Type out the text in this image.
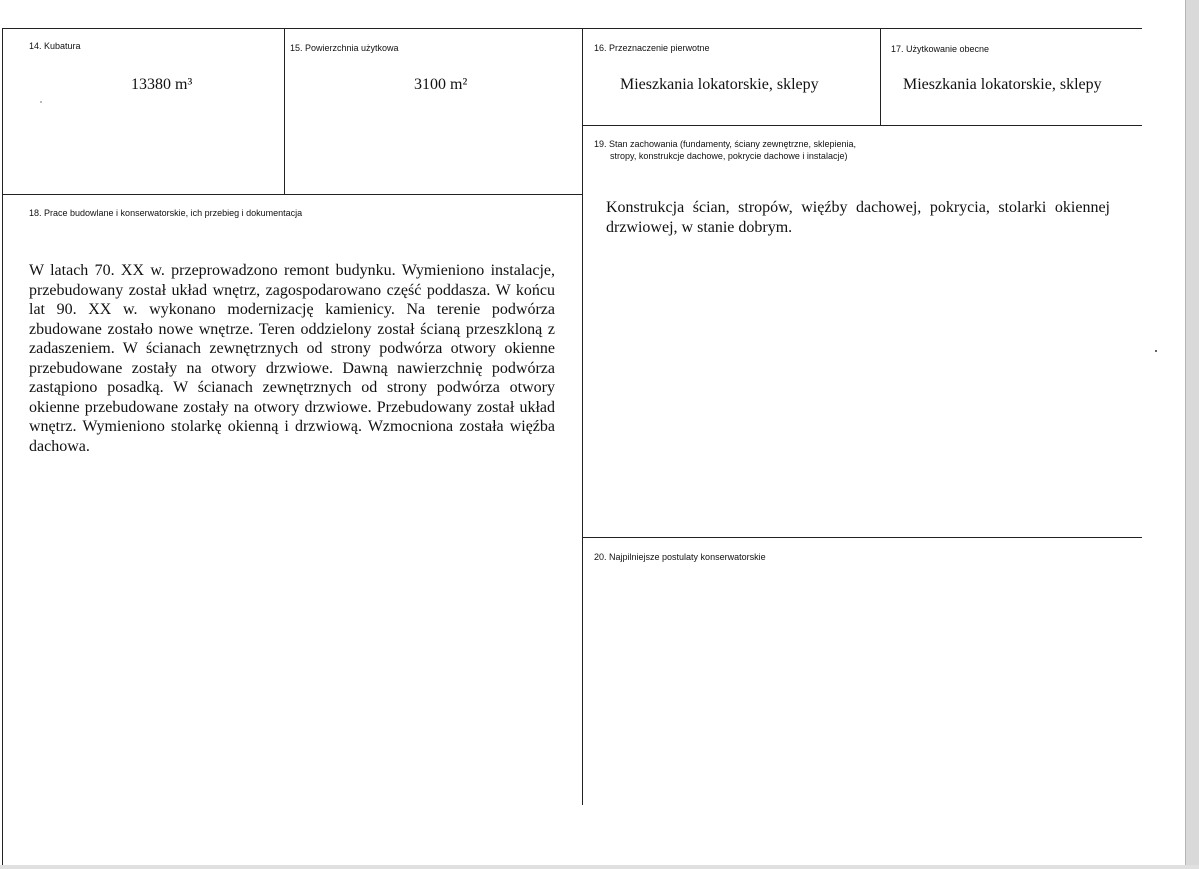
14. Kubatura
13380 m³
15. Powierzchnia użytkowa
3100 m²
16. Przeznaczenie pierwotne
Mieszkania lokatorskie, sklepy
17. Użytkowanie obecne
Mieszkania lokatorskie, sklepy
19. Stan zachowania (fundamenty, ściany zewnętrzne, sklepienia,
stropy, konstrukcje dachowe, pokrycie dachowe i instalacje)
Konstrukcja ścian, stropów, więźby dachowej, pokrycia, stolarki okiennej drzwiowej, w stanie dobrym.
18. Prace budowlane i konserwatorskie, ich przebieg i dokumentacja
W latach 70. XX w. przeprowadzono remont budynku. Wymieniono instalacje, przebudowany został układ wnętrz, zagospodarowano część poddasza. W końcu lat 90. XX w. wykonano modernizację kamienicy. Na terenie podwórza zbudowane zostało nowe wnętrze. Teren oddzielony został ścianą przeszkloną z zadaszeniem. W ścianach zewnętrznych od strony podwórza otwory okienne przebudowane zostały na otwory drzwiowe. Dawną nawierzchnię podwórza zastąpiono posadką. W ścianach zewnętrznych od strony podwórza otwory okienne przebudowane zostały na otwory drzwiowe. Przebudowany został układ wnętrz. Wymieniono stolarkę okienną i drzwiową. Wzmocniona została więźba dachowa.
20. Najpilniejsze postulaty konserwatorskie
